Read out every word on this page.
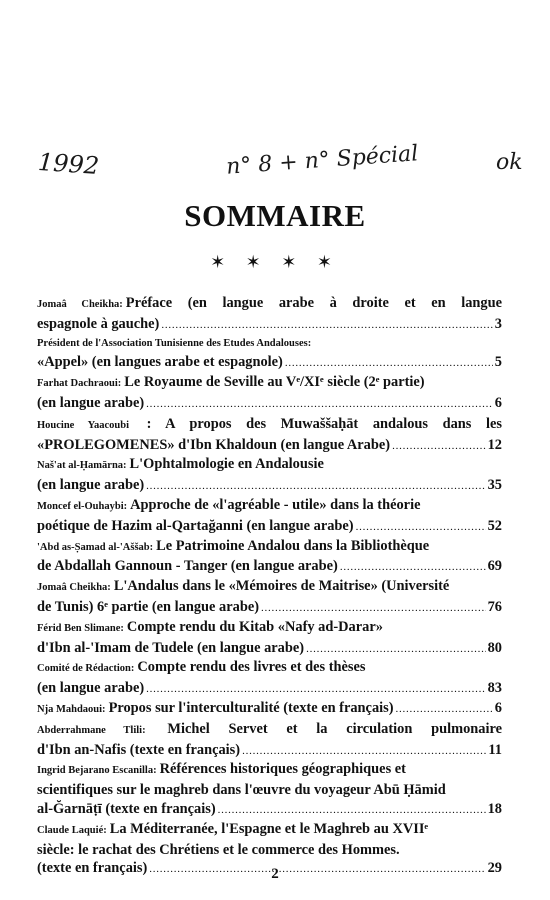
1992	n° 8 + n° Spécial	ok
SOMMAIRE
✶ ✶ ✶ ✶
Jomaâ Cheikha: Préface (en langue arabe à droite et en langue
espagnole à gauche) . . .	3
Président de l'Association Tunisienne des Etudes Andalouses:
«Appel» (en langues arabe et espagnole) . . .	5
Farhat Dachraoui: Le Royaume de Seville au Vᵉ/XIᵉ siècle (2ᵉ partie)
(en langue arabe) . . .	6
Houcine Yaacoubi : A propos des Muwaššaḥāt andalous dans les
«PROLEGOMENES» d'Ibn Khaldoun (en langue Arabe) . . .	12
Naš'at al-Ḥamārna: L'Ophtalmologie en Andalousie
(en langue arabe) . . .	35
Moncef el-Ouhaybi: Approche de «l'agréable - utile» dans la théorie
poétique de Hazim al-Qartağanni (en langue arabe) . . .	52
'Abd as-Ṣamad al-'Aššab: Le Patrimoine Andalou dans la Bibliothèque
de Abdallah Gannoun - Tanger (en langue arabe) . . .	69
Jomaâ Cheikha: L'Andalus dans le «Mémoires de Maitrise» (Université
de Tunis) 6ᵉ partie (en langue arabe) . . .	76
Férid Ben Slimane: Compte rendu du Kitab «Nafy ad-Darar»
d'Ibn al-'Imam de Tudele (en langue arabe) . . .	80
Comité de Rédaction: Compte rendu des livres et des thèses
(en langue arabe) . . .	83
Nja Mahdaoui: Propos sur l'interculturalité (texte en français) . . .	6
Abderrahmane Tlili: Michel Servet et la circulation pulmonaire
d'Ibn an-Nafis (texte en français) . . .	11
Ingrid Bejarano Escanilla: Références historiques géographiques et
scientifiques sur le maghreb dans l'œuvre du voyageur Abū Ḥāmid
al-Ğarnāṭī (texte en français) . . .	18
Claude Laquié: La Méditerranée, l'Espagne et le Maghreb au XVIIᵉ
siècle: le rachat des Chrétiens et le commerce des Hommes.
(texte en français) . . .	29
2
